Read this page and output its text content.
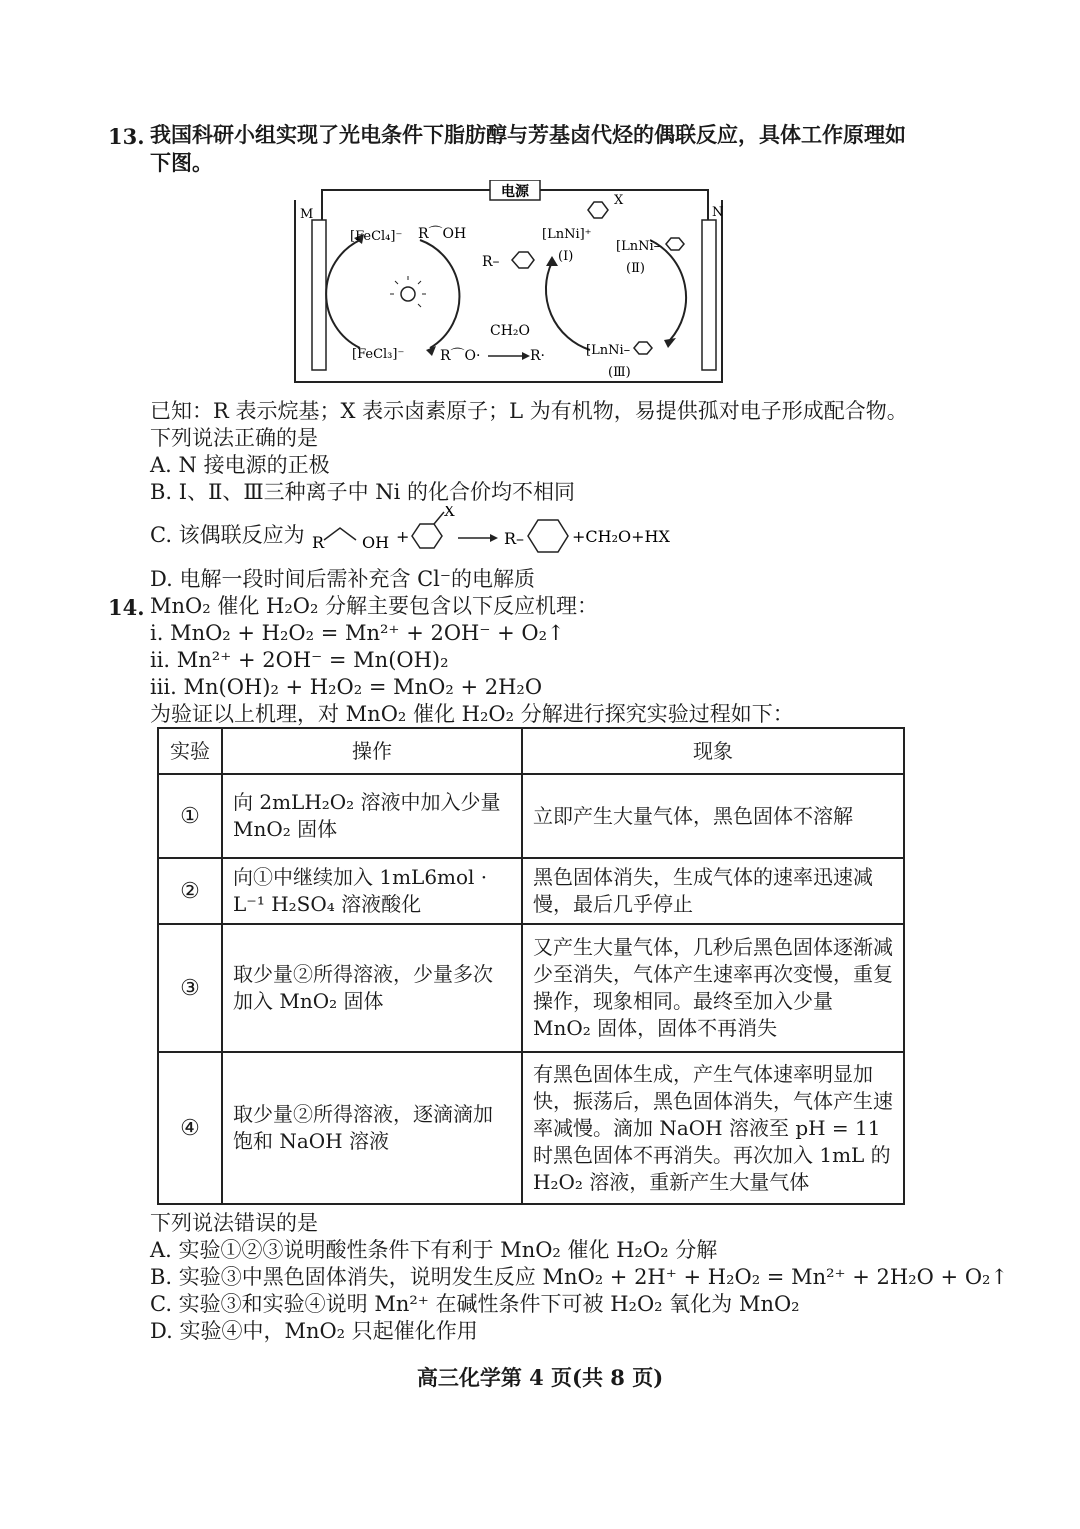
13. 我国科研小组实现了光电条件下脂肪醇与芳基卤代烃的偶联反应，具体工作原理如
下图。
电源
M	N
[FeCl₄]⁻
[FeCl₃]⁻
R⌒OH
R⌒O·
CH₂O
R·
R–
[LnNi]⁺
(Ⅰ)
X
[LnNi–
(Ⅱ)
[LnNi–
(Ⅲ)
已知：R 表示烷基；X 表示卤素原子；L 为有机物，易提供孤对电子形成配合物。
下列说法正确的是
A. N 接电源的正极
B. Ⅰ、Ⅱ、Ⅲ三种离子中 Ni 的化合价均不相同
C. 该偶联反应为 R OH +
X
R–	+CH₂O+HX
D. 电解一段时间后需补充含 Cl⁻的电解质
14. MnO₂ 催化 H₂O₂ 分解主要包含以下反应机理：
ⅰ. MnO₂ + H₂O₂ = Mn²⁺ + 2OH⁻ + O₂↑
ⅱ. Mn²⁺ + 2OH⁻ = Mn(OH)₂
ⅲ. Mn(OH)₂ + H₂O₂ = MnO₂ + 2H₂O
为验证以上机理，对 MnO₂ 催化 H₂O₂ 分解进行探究实验过程如下：
实验	操作	现象
①	向 2mLH₂O₂ 溶液中加入少量 MnO₂ 固体	立即产生大量气体，黑色固体不溶解
②	向①中继续加入 1mL6mol · L⁻¹ H₂SO₄ 溶液酸化	黑色固体消失，生成气体的速率迅速减慢，最后几乎停止
③	取少量②所得溶液，少量多次加入 MnO₂ 固体	又产生大量气体，几秒后黑色固体逐渐减少至消失，气体产生速率再次变慢，重复操作，现象相同。最终至加入少量 MnO₂ 固体，固体不再消失
④	取少量②所得溶液，逐滴滴加饱和 NaOH 溶液	有黑色固体生成，产生气体速率明显加快，振荡后，黑色固体消失，气体产生速率减慢。滴加 NaOH 溶液至 pH = 11 时黑色固体不再消失。再次加入 1mL 的 H₂O₂ 溶液，重新产生大量气体
下列说法错误的是
A. 实验①②③说明酸性条件下有利于 MnO₂ 催化 H₂O₂ 分解
B. 实验③中黑色固体消失，说明发生反应 MnO₂ + 2H⁺ + H₂O₂ = Mn²⁺ + 2H₂O + O₂↑
C. 实验③和实验④说明 Mn²⁺ 在碱性条件下可被 H₂O₂ 氧化为 MnO₂
D. 实验④中，MnO₂ 只起催化作用
高三化学第 4 页(共 8 页)
